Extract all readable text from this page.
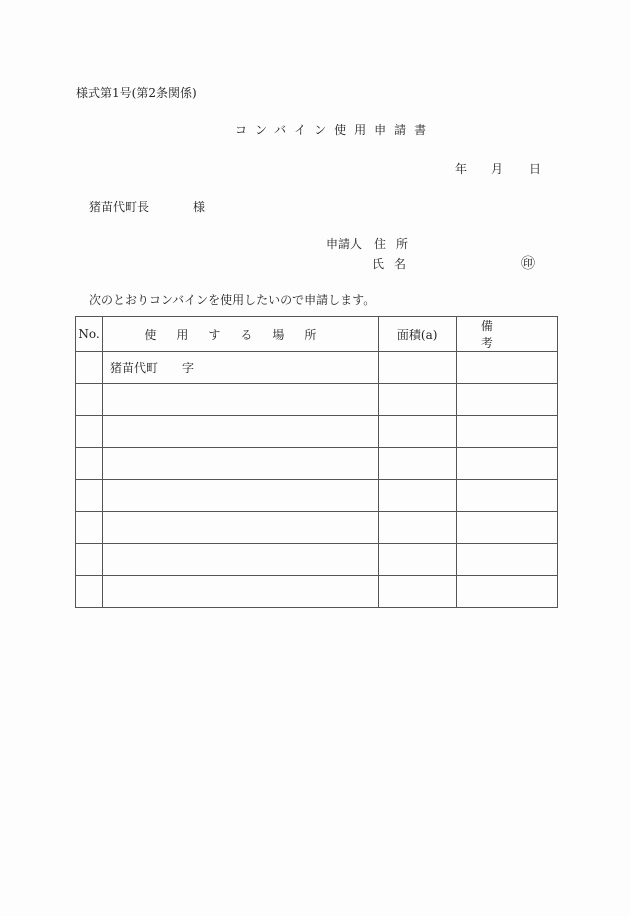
様式第1号(第2条関係)
コンバイン使用申請書
年 月 日
猪苗代町長	様
申請人 住所
氏名	㊞
次のとおりコンバインを使用したいので申請します。
No.	使用する場所	面積(a)	備考
	猪苗代町　　字		
